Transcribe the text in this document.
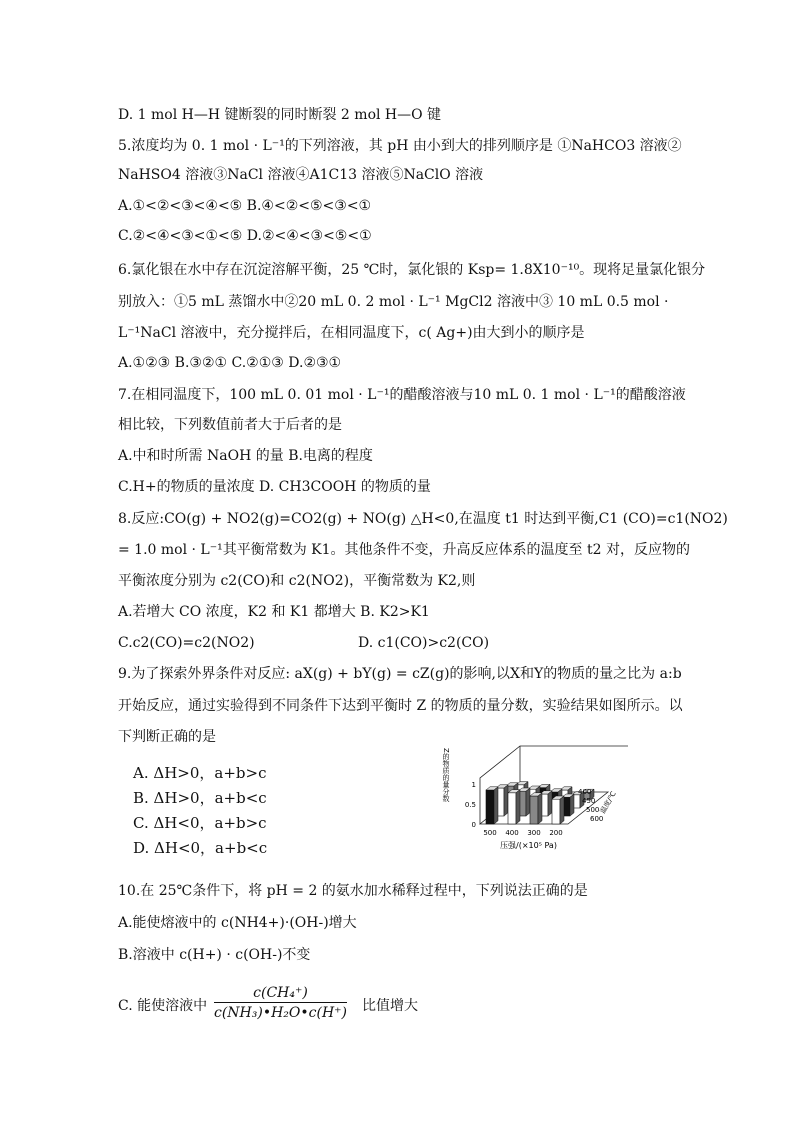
D. 1 mol H—H 键断裂的同时断裂 2 mol H—O 键
5.浓度均为 0. 1 mol · L⁻¹的下列溶液，其 pH 由小到大的排列顺序是 ①NaHCO3 溶液②
NaHSO4 溶液③NaCl 溶液④A1C13 溶液⑤NaClO 溶液
A.①<②<③<④<⑤ B.④<②<⑤<③<①
C.②<④<③<①<⑤ D.②<④<③<⑤<①
6.氯化银在水中存在沉淀溶解平衡，25 ℃时，氯化银的 Ksp= 1.8X10⁻¹⁰。现将足量氯化银分
别放入：①5 mL 蒸馏水中②20 mL 0. 2 mol · L⁻¹ MgCl2 溶液中③ 10 mL 0.5 mol ·
L⁻¹NaCl 溶液中，充分搅拌后，在相同温度下，c( Ag+)由大到小的顺序是
A.①②③ B.③②① C.②①③ D.②③①
7.在相同温度下，100 mL 0. 01 mol · L⁻¹的醋酸溶液与10 mL 0. 1 mol · L⁻¹的醋酸溶液
相比较，下列数值前者大于后者的是
A.中和时所需 NaOH 的量 B.电离的程度
C.H+的物质的量浓度 D. CH3COOH 的物质的量
8.反应:CO(g) + NO2(g)=CO2(g) + NO(g) △H<0,在温度 t1 时达到平衡,C1 (CO)=c1(NO2)
= 1.0 mol · L⁻¹其平衡常数为 K1。其他条件不变，升高反应体系的温度至 t2 对，反应物的
平衡浓度分别为 c2(CO)和 c2(NO2)，平衡常数为 K2,则
A.若增大 CO 浓度，K2 和 K1 都增大 B. K2>K1
C.c2(CO)=c2(NO2)	D. c1(CO)>c2(CO)
9.为了探索外界条件对反应: aX(g) + bY(g) = cZ(g)的影响,以X和Y的物质的量之比为 a:b
开始反应，通过实验得到不同条件下达到平衡时 Z 的物质的量分数，实验结果如图所示。以
下判断正确的是
A. ΔH>0，a+b>c
B. ΔH>0，a+b<c
C. ΔH<0，a+b>c
D. ΔH<0，a+b<c
1
0.5
0
500 400 300 200
400
450
500
600
压强/(×10⁵ Pa)
Z的物质的量分数
温度/℃
10.在 25℃条件下，将 pH = 2 的氨水加水稀释过程中，下列说法正确的是
A.能使熔液中的 c(NH4+)·(OH-)增大
B.溶液中 c(H+) · c(OH-)不变
C. 能使溶液中 $\frac{\text{c(CH₄⁺)}}{\text{c(NH₃)•H₂O•c(H⁺)}}$ 比值增大
